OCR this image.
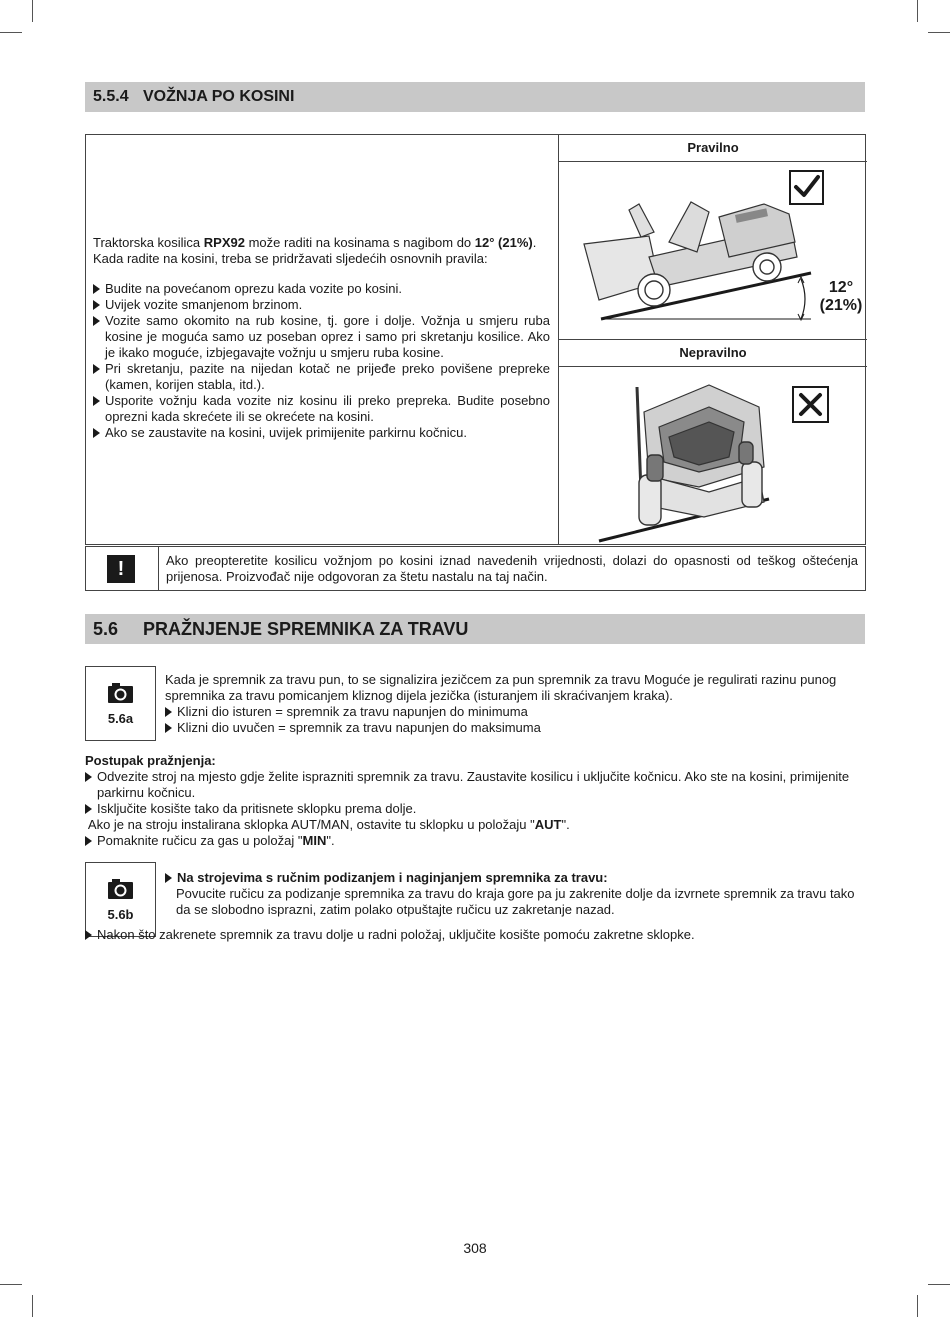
5.5.4 VOŽNJA PO KOSINI

Traktorska kosilica RPX92 može raditi na kosinama s nagibom do 12° (21%).

Kada radite na kosini, treba se pridržavati sljedećih osnovnih pravila:

Budite na povećanom oprezu kada vozite po kosini.
Uvijek vozite smanjenom brzinom.
Vozite samo okomito na rub kosine, tj. gore i dolje. Vožnja u smjeru ruba kosine je moguća samo uz poseban oprez i samo pri skretanju kosilice. Ako je ikako moguće, izbjegavajte vožnju u smjeru ruba kosine.
Pri skretanju, pazite na nijedan kotač ne prijeđe preko povišene prepreke (kamen, korijen stabla, itd.).
Usporite vožnju kada vozite niz kosinu ili preko prepreka. Budite posebno oprezni kada skrećete ili se okrećete na kosini.
Ako se zaustavite na kosini, uvijek primijenite parkirnu kočnicu.
Pravilno
12°
(21%)
Nepravilno
!	Ako preopteretite kosilicu vožnjom po kosini iznad navedenih vrijednosti, dolazi do opasnosti od teškog oštećenja prijenosa. Proizvođač nije odgovoran za štetu nastalu na taj način.
5.6 PRAŽNJENJE SPREMNIKA ZA TRAVU
5.6a

Kada je spremnik za travu pun, to se signalizira jezičcem za pun spremnik za travu Moguće je regulirati razinu punog spremnika za travu pomicanjem kliznog dijela jezička (isturanjem ili skraćivanjem kraka).

Klizni dio isturen = spremnik za travu napunjen do minimuma
Klizni dio uvučen = spremnik za travu napunjen do maksimuma

Postupak pražnjenja:

Odvezite stroj na mjesto gdje želite isprazniti spremnik za travu. Zaustavite kosilicu i uključite kočnicu. Ako ste na kosini, primijenite parkirnu kočnicu.
Isključite kosište tako da pritisnete sklopku prema dolje.

Ako je na stroju instalirana sklopka AUT/MAN, ostavite tu sklopku u položaju "AUT".

Pomaknite ručicu za gas u položaj "MIN".
5.6b
Na strojevima s ručnim podizanjem i naginjanjem spremnika za travu:

Povucite ručicu za podizanje spremnika za travu do kraja gore pa ju zakrenite dolje da izvrnete spremnik za travu tako da se slobodno isprazni, zatim polako otpuštajte ručicu uz zakretanje nazad.

Nakon što zakrenete spremnik za travu dolje u radni položaj, uključite kosište pomoću zakretne sklopke.
308
